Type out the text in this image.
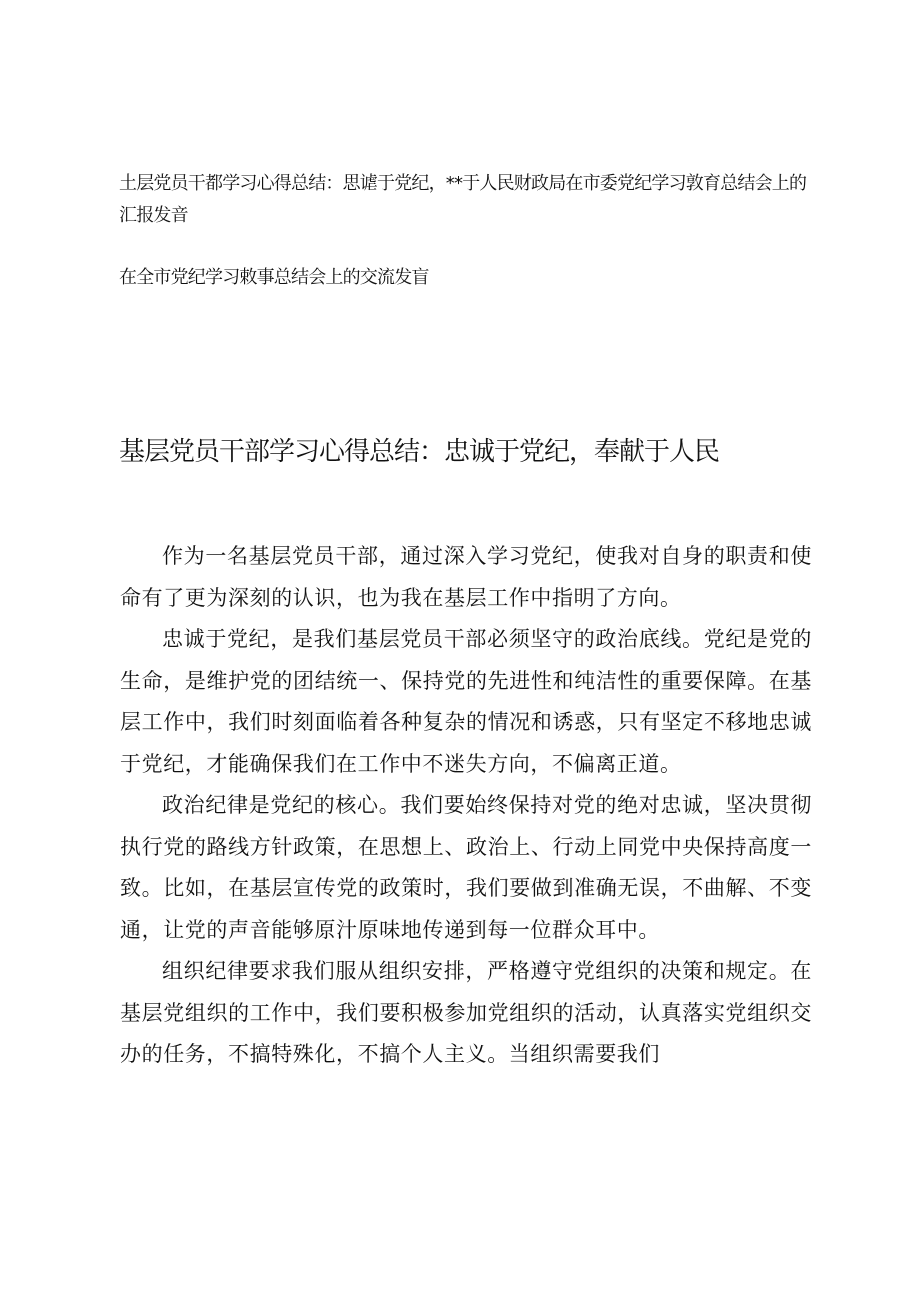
土层党员干都学习心得总结：思谑于党纪，**于人民财政局在市委党纪学习敦育总结会上的汇报发音

在全市党纪学习敕事总结会上的交流发盲

基层党员干部学习心得总结：忠诚于党纪，奉献于人民

作为一名基层党员干部，通过深入学习党纪，使我对自身的职责和使命有了更为深刻的认识，也为我在基层工作中指明了方向。

忠诚于党纪，是我们基层党员干部必须坚守的政治底线。党纪是党的生命，是维护党的团结统一、保持党的先进性和纯洁性的重要保障。在基层工作中，我们时刻面临着各种复杂的情况和诱惑，只有坚定不移地忠诚于党纪，才能确保我们在工作中不迷失方向，不偏离正道。

政治纪律是党纪的核心。我们要始终保持对党的绝对忠诚，坚决贯彻执行党的路线方针政策，在思想上、政治上、行动上同党中央保持高度一致。比如，在基层宣传党的政策时，我们要做到准确无误，不曲解、不变通，让党的声音能够原汁原味地传递到每一位群众耳中。

组织纪律要求我们服从组织安排，严格遵守党组织的决策和规定。在基层党组织的工作中，我们要积极参加党组织的活动，认真落实党组织交办的任务，不搞特殊化，不搞个人主义。当组织需要我们
